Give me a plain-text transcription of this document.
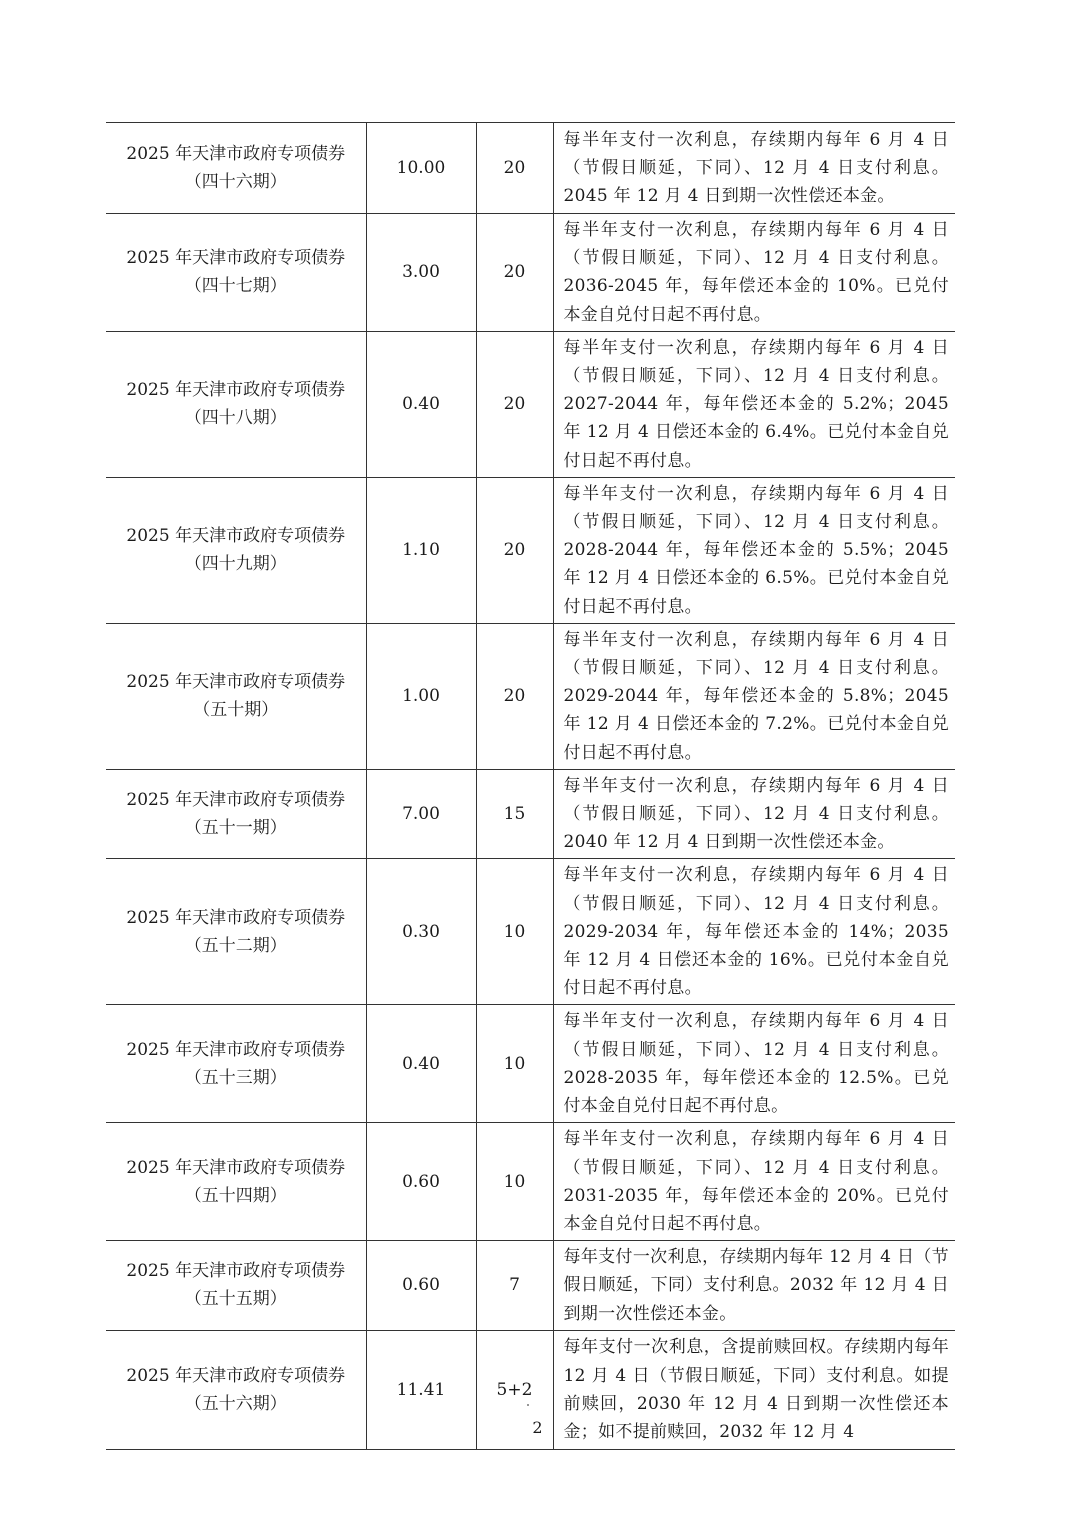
2025 年天津市政府专项债券
（四十六期）	10.00	20	每半年支付一次利息，存续期内每年 6 月 4 日（节假日顺延，下同）、12 月 4 日支付利息。2045 年 12 月 4 日到期一次性偿还本金。

2025 年天津市政府专项债券
（四十七期）	3.00	20	每半年支付一次利息，存续期内每年 6 月 4 日（节假日顺延，下同）、12 月 4 日支付利息。2036-2045 年，每年偿还本金的 10%。已兑付本金自兑付日起不再付息。

2025 年天津市政府专项债券
（四十八期）	0.40	20	每半年支付一次利息，存续期内每年 6 月 4 日（节假日顺延，下同）、12 月 4 日支付利息。2027-2044 年，每年偿还本金的 5.2%；2045 年 12 月 4 日偿还本金的 6.4%。已兑付本金自兑付日起不再付息。

2025 年天津市政府专项债券
（四十九期）	1.10	20	每半年支付一次利息，存续期内每年 6 月 4 日（节假日顺延，下同）、12 月 4 日支付利息。2028-2044 年，每年偿还本金的 5.5%；2045 年 12 月 4 日偿还本金的 6.5%。已兑付本金自兑付日起不再付息。

2025 年天津市政府专项债券
（五十期）	1.00	20	每半年支付一次利息，存续期内每年 6 月 4 日（节假日顺延，下同）、12 月 4 日支付利息。2029-2044 年，每年偿还本金的 5.8%；2045 年 12 月 4 日偿还本金的 7.2%。已兑付本金自兑付日起不再付息。

2025 年天津市政府专项债券
（五十一期）	7.00	15	每半年支付一次利息，存续期内每年 6 月 4 日（节假日顺延，下同）、12 月 4 日支付利息。2040 年 12 月 4 日到期一次性偿还本金。

2025 年天津市政府专项债券
（五十二期）	0.30	10	每半年支付一次利息，存续期内每年 6 月 4 日（节假日顺延，下同）、12 月 4 日支付利息。2029-2034 年，每年偿还本金的 14%；2035 年 12 月 4 日偿还本金的 16%。已兑付本金自兑付日起不再付息。

2025 年天津市政府专项债券
（五十三期）	0.40	10	每半年支付一次利息，存续期内每年 6 月 4 日（节假日顺延，下同）、12 月 4 日支付利息。2028-2035 年，每年偿还本金的 12.5%。已兑付本金自兑付日起不再付息。

2025 年天津市政府专项债券
（五十四期）	0.60	10	每半年支付一次利息，存续期内每年 6 月 4 日（节假日顺延，下同）、12 月 4 日支付利息。2031-2035 年，每年偿还本金的 20%。已兑付本金自兑付日起不再付息。

2025 年天津市政府专项债券
（五十五期）	0.60	7	每年支付一次利息，存续期内每年 12 月 4 日（节假日顺延，下同）支付利息。2032 年 12 月 4 日到期一次性偿还本金。

2025 年天津市政府专项债券
（五十六期）	11.41	5+2	每年支付一次利息，含提前赎回权。存续期内每年 12 月 4 日（节假日顺延，下同）支付利息。如提前赎回，2030 年 12 月 4 日到期一次性偿还本金；如不提前赎回，2032 年 12 月 4
2
